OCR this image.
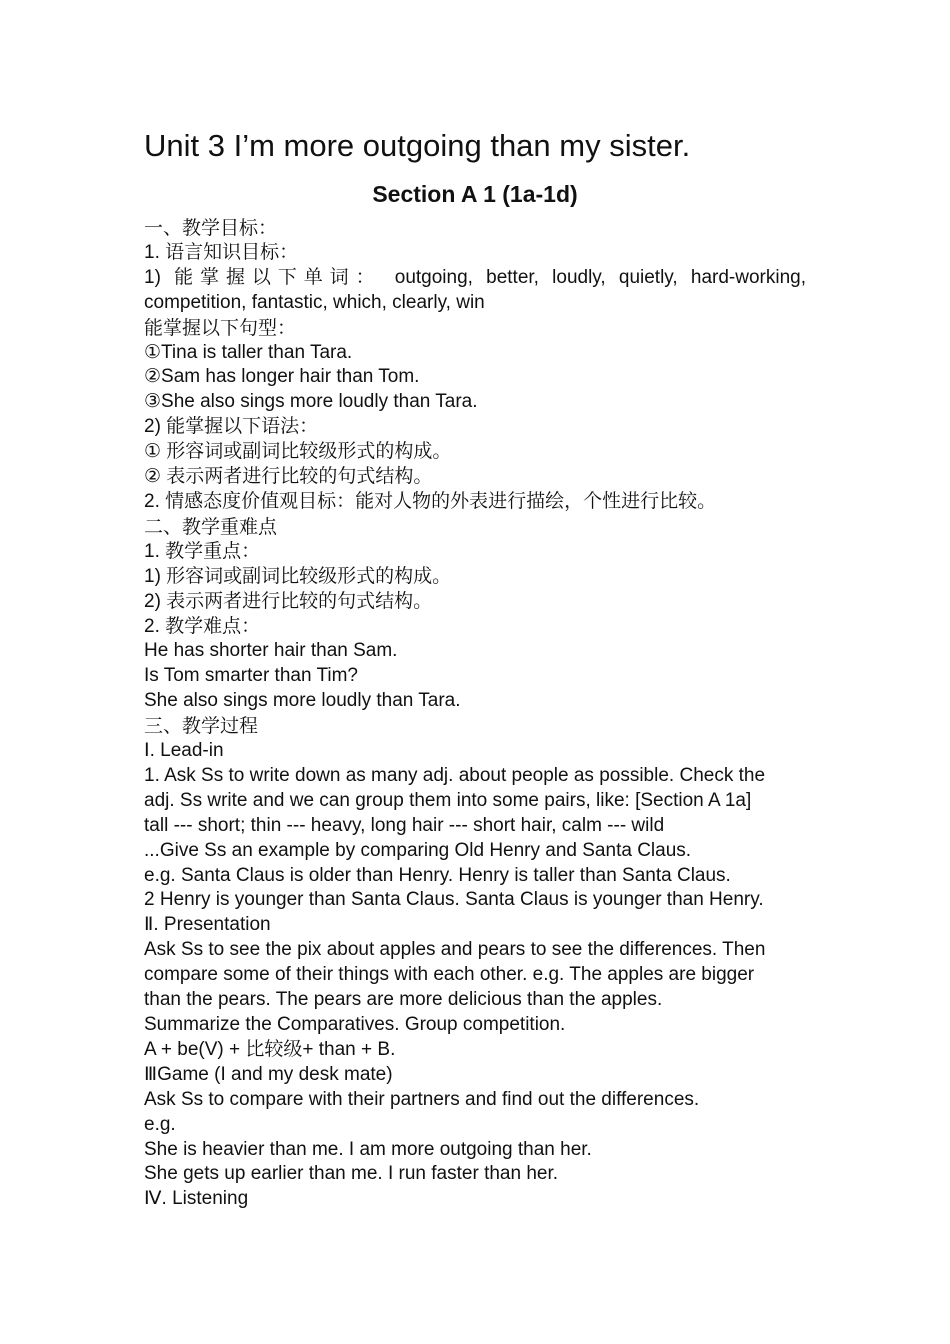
Unit 3 I’m more outgoing than my sister.
Section A 1 (1a-1d)

一、教学目标：

1. 语言知识目标：

1) 能掌握以下单词： outgoing, better, loudly, quietly, hard-working,

competition, fantastic, which, clearly, win

能掌握以下句型：

①Tina is taller than Tara.

②Sam has longer hair than Tom.

③She also sings more loudly than Tara.

2) 能掌握以下语法：

① 形容词或副词比较级形式的构成。

② 表示两者进行比较的句式结构。

2. 情感态度价值观目标：能对人物的外表进行描绘，个性进行比较。

二、教学重难点

1. 教学重点：

1) 形容词或副词比较级形式的构成。

2) 表示两者进行比较的句式结构。

2. 教学难点：

He has shorter hair than Sam.

Is Tom smarter than Tim?

She also sings more loudly than Tara.

三、教学过程

Ⅰ. Lead-in

1. Ask Ss to write down as many adj. about people as possible. Check the

adj. Ss write and we can group them into some pairs, like: [Section A 1a]

tall --- short; thin --- heavy, long hair --- short hair, calm --- wild

...Give Ss an example by comparing Old Henry and Santa Claus.

e.g. Santa Claus is older than Henry. Henry is taller than Santa Claus.

2 Henry is younger than Santa Claus. Santa Claus is younger than Henry.

Ⅱ. Presentation

Ask Ss to see the pix about apples and pears to see the differences. Then

compare some of their things with each other. e.g. The apples are bigger

than the pears. The pears are more delicious than the apples.

Summarize the Comparatives. Group competition.

A + be(V) + 比较级+ than + B.

ⅢGame (I and my desk mate)

Ask Ss to compare with their partners and find out the differences.

e.g.

She is heavier than me. I am more outgoing than her.

She gets up earlier than me. I run faster than her.

Ⅳ. Listening
